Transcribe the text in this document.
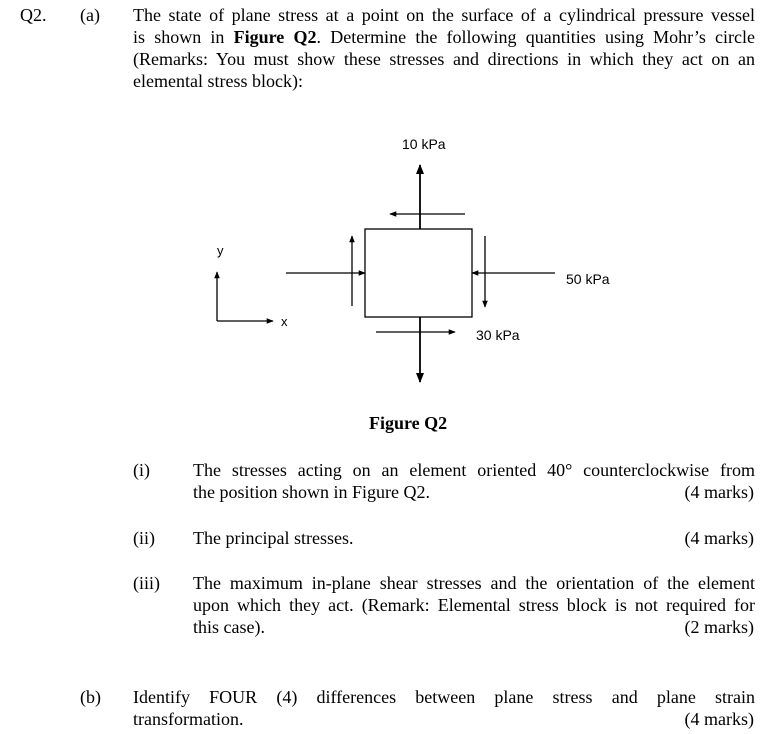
Q2. (a) The state of plane stress at a point on the surface of a cylindrical pressure vessel
is shown in Figure Q2. Determine the following quantities using Mohr’s circle
(Remarks: You must show these stresses and directions in which they act on an
elemental stress block):
10 kPa
50 kPa
30 kPa
y
x
Figure Q2
(i) The stresses acting on an element oriented 40° counterclockwise from
the position shown in Figure Q2.	(4 marks)
(ii) The principal stresses.	(4 marks)
(iii) The maximum in-plane shear stresses and the orientation of the element
upon which they act. (Remark: Elemental stress block is not required for
this case).	(2 marks)
(b) Identify FOUR (4) differences between plane stress and plane strain
transformation.	(4 marks)
